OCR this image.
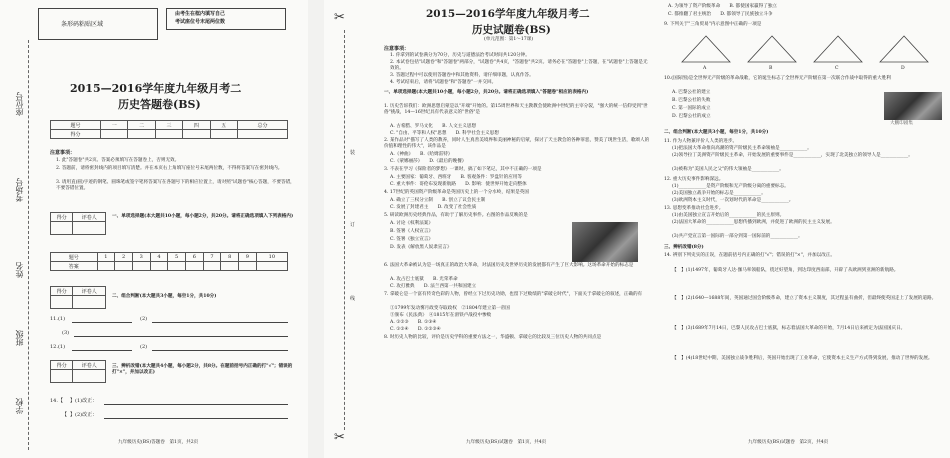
条形码粘贴区域
由考生在框内填写自己
考试座位号末尾两位数
座位号
考场号
姓名
班级
学校
2015—2016学年度九年级月考二
历史答题卷(BS)
题号	一	二	三	四	五	总分
得分						
注意事项：
1. 此"答题卷"共2页。答案必须填写在答题卷上，否则无效。
2. 答题前，请将密封线内的项目填写清楚。并在本页右上角填写座位号末尾两位数，不得将答案写在密封线内。
3. 请用直(圆)字迹的钢笔、圆珠笔或签字笔将答案写在各题号下的相应位置上，请对照"试题卷"核心答题，不要答错，不要答错位置。
得分	评卷人
		一、单项选择题(本大题共10小题，每小题2分，共20分。请将正确选项填入下列表格内)
题号	1	2	3	4	5	6	7	8	9	10
答案										
得分	评卷人

二、组合判断(本大题共3小题，每空1分，共10分)
11.(1)	(2)
(3)
12.(1)	(2)
得分	评卷人
		三、辨析改错(本大题共4小题，每小题2分，共8分。在题前括号内正确的打"√"；错误的打"×"，并加以改正)
14.【 】(1)改正：
【 】(2)改正：
九年级历史(BS)答题卷　第1页，共2页
✂
装
订
线
✂
2015—2016学年度九年级月考二
历史试题卷(BS)
(单元范围：第1～17课)
注意事项：
1. 你拿到的试卷满分为70分，历史与道德法治考试时间共120分钟。
2. 本试卷包括"试题卷"和"答题卷"两部分，"试题卷"共4页，"答题卷"共2页。请务必在"答题卷"上答题，在"试题卷"上答题是无效的。
3. 答题过程中可以使用答题卷中和其他资料，请仔细审题，认真作答。
4. 考试结束后，请将"试题卷"和"答题卷"一并交回。
一、单项选择题(本大题共10小题，每小题2分，共20分。请将正确选项填入"答题卷"相应的表格内)
1. 历史告诉我们：欧洲思想启蒙是以"开端"开始的。第15周世界和天主教教会使欧洲中世纪的主宰分裂，"强大的统一信仰受到"世俗"挑战，14—16世纪具有代表意义的"世俗"是
A. 古希腊、罗马文化　　B. 人文主义思想
C. "自由、平等和人权"思想　　D. 科学社会主义思想
2. 某作品对"描写了人类的教养，同时人生真善美境界和美丽神秘的启蒙，探讨了天主教会的各种罪恶，赞美了现世生活，歌颂人的价值和理性的伟大"，该作品是
A.《神曲》　　B.《哈姆雷特》
C.《蒙娜丽莎》　　D.《最后的晚餐》
3. 不表在学习《探险者的梦想》一课时，搞了如下笔记，其中不正确的一项是
A. 主要国家：葡萄牙、西班牙　　B. 客观条件：罗盘针的应用等
C. 重大事件：哥伦布发现新航路　　D. 影响：使世界开始走向整体
4. 17世纪的英国资产阶级革命是英国历史上的一个分水岭，结果是英国
A. 确立了三权分立制　　B. 创立了议会民主制
C. 发展了封建君主　　D. 改变了社会性质
5. 研读欧洲历史经典作品，有助于了解历史事件。右图的作品反映的是
A. 讨论《权利法案》
B. 签署《人权宣言》
C. 签署《独立宣言》
D. 发表《解放黑人奴隶宣言》
6. 法国大革命被认为是一场真正的政治大革命，对法国历史及世界历史的发展都有产生了巨大影响。这场革命开始的标志是
A. 攻占巴士底狱　　B. 光荣革命
C. 攻打雅典　　D. 法兰西第一共和国建立
7. 拿破仑是一个富有传奇色彩的人物，曾经立下过历史功勋，也留下过败绩的"拿破仑时代"，下面关于拿破仑的叙述，正确的有
①1799年发动雾月政变夺取政权　②1804年建立第一帝国
③颁布《民法典》　④1815年在滑铁卢战役中惨败
A. ①②③　　B. ①③④
C. ①②④　　D. ①②③④
8. 时历史人物的比较，评价是历史学科的重要方法之一，华盛顿、拿破仑的比较及三位历史人物的共同点是
九年级历史(BS)试题卷　第1页，共4页
A. 为领导了资产阶级革命　　B. 都使国家赢得了独立
C. 都推翻了君主统治　　D. 都领导了民族独立斗争
9. 下列关于"三角贸易"内示意图中正确的一项是
A	B	C	D
10.(国际图)是全世界无产阶级的革命战歌，它的诞生标志了全世界无产阶级在第一次联合作战中取得的重大胜利
A. 巴黎公社的建立
B. 巴黎公社的失败
C. 第一国际的成立
D. 巴黎公社的成立
大鹏印剧集
二、组合判断(本大题共3小题，每空1分，共10分)
11. 作为人物兼评价人人类的进步。
(1)把法国大革命推向高潮的资产阶级民主革命领袖是____________。
(2)领导拉丁美洲资产阶级民主革命，开始发展的重要事件是____________，实现了北美独立的领导人是____________。
(3)被称为"美国人民之父"的伟大领袖是____________。
12. 重大历史事件影响深远。
(1)____________是资产阶级和无产阶级分离的重要标志。
(2)美国独立战争开始的标志是____________。
(3)欧洲资本主义时代，一次划时代的革命是____________。
13. 思想变革推动社会进步。
(1)由美国独立宣言开始后的____________的民主原则。
(2)法国大革命的____________思想传播到欧洲，并促进了欧洲的民主主义发展。
(3)共产党宣言第一国际的一部分到第一国际前的____________。
三、辨析改错(8分)
14. 辨别下列史实的正误，在题前括号内正确的打"√"；错误的打"×"，并加以改正。
【　】(1)1497年，葡萄牙人达·伽马率领船队，绕过好望角，到达印度西南部，开辟了从欧洲到亚洲的新航路。
【　】(2)1640—1688年间，英国通过国会阶级革命，建立了资本主义制度，其过程虽有曲折，但最终使英国走上了发展的道路。
【　】(3)1689年7月14日，巴黎人民攻占巴士底狱，标志着法国大革命的开始，7月14日后来被定为法国国庆日。
【　】(4)18世纪中期，美国独立战争胜利后，英国开始出现了工业革命，它使资本主义生产方式得到发展，推动了世界的发展。
九年级历史(BS)试题卷　第2页，共4页
